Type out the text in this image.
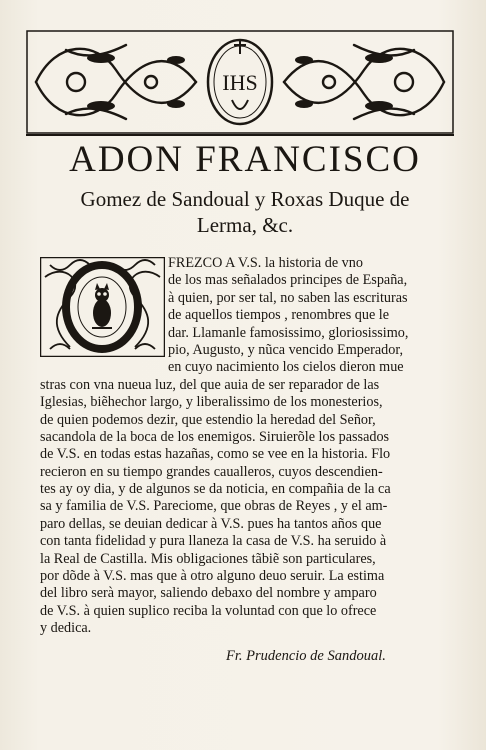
IHS
ADON FRANCISCO
Gomez de Sandoual y Roxas Duque de
Lerma, &c.
FREZCO A V.S. la historia de vno
de los mas señalados principes de España,
à quien, por ser tal, no saben las escrituras
de aquellos tiempos , renombres que le
dar. Llamanle famosissimo, gloriosissimo,
pio, Augusto, y nũca vencido Emperador,
en cuyo nacimiento los cielos dieron mue
stras con vna nueua luz, del que auia de ser reparador de las
Iglesias, biẽhechor largo, y liberalissimo de los monesterios,
de quien podemos dezir, que estendio la heredad del Señor,
sacandola de la boca de los enemigos. Siruierõle los passados
de V.S. en todas estas hazañas, como se vee en la historia. Flo
recieron en su tiempo grandes caualleros, cuyos descendien-
tes ay oy dia, y de algunos se da noticia, en compañia de la ca
sa y familia de V.S. Pareciome, que obras de Reyes , y el am-
paro dellas, se deuian dedicar à V.S. pues ha tantos años que
con tanta fidelidad y pura llaneza la casa de V.S. ha seruido à
la Real de Castilla. Mis obligaciones tãbiẽ son particulares,
por dõde à V.S. mas que à otro alguno deuo seruir. La estima
del libro serà mayor, saliendo debaxo del nombre y amparo
de V.S. à quien suplico reciba la voluntad con que lo ofrece
y dedica.
Fr. Prudencio de Sandoual.
